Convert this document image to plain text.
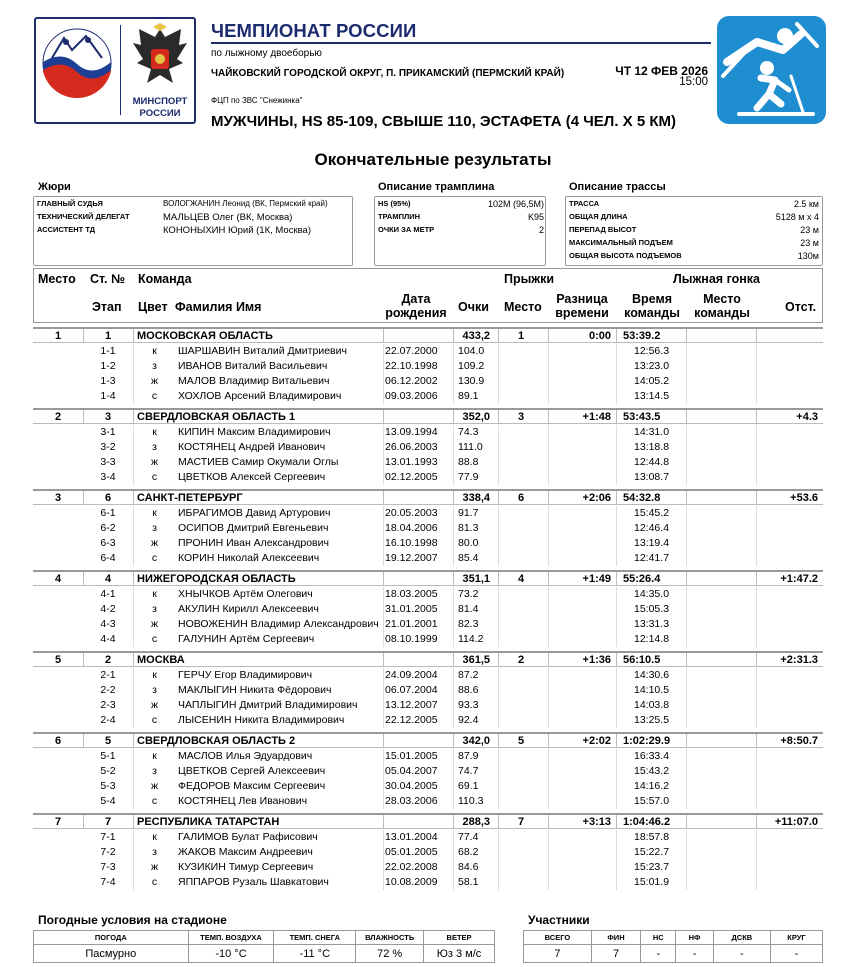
МИНСПОРТ
РОССИИ
ЧЕМПИОНАТ РОССИИ
по лыжному двоеборью
ЧАЙКОВСКИЙ ГОРОДСКОЙ ОКРУГ, П. ПРИКАМСКИЙ (ПЕРМСКИЙ КРАЙ)	ЧТ 12 ФЕВ 2026
15:00
ФЦП по ЗВС "Снежинка"
МУЖЧИНЫ, HS 85-109, СВЫШЕ 110, ЭСТАФЕТА (4 ЧЕЛ. Х 5 КМ)
Окончательные результаты
Жюри
ГЛАВНЫЙ СУДЬЯ	ВОЛОГЖАНИН Леонид (ВК, Пермский край)
ТЕХНИЧЕСКИЙ ДЕЛЕГАТ	МАЛЬЦЕВ Олег (ВК, Москва)
АССИСТЕНТ ТД	КОНОНЫХИН Юрий (1К, Москва)
Описание трамплина
HS (95%)	102M (96,5M)
ТРАМПЛИН	K95
ОЧКИ ЗА МЕТР	2
Описание трассы
ТРАССА	2.5 км
ОБЩАЯ ДЛИНА	5128 м x 4
ПЕРЕПАД ВЫСОТ	23 м
МАКСИМАЛЬНЫЙ ПОДЪЕМ	23 м
ОБЩАЯ ВЫСОТА ПОДЪЕМОВ	130м
Место Ст. № Команда	Прыжки	Лыжная гонка
Этап Цвет Фамилия Имя
Дата
рождения Очки Место
Разница
времени
Время
команды
Место
команды	Отст.
1	1	МОСКОВСКАЯ ОБЛАСТЬ	433,2	1	0:00 53:39.2
1-1	к	ШАРШАВИН Виталий Дмитриевич	22.07.2000	104.0	12:56.3
1-2	з	ИВАНОВ Виталий Васильевич	22.10.1998	109.2	13:23.0
1-3	ж	МАЛОВ Владимир Витальевич	06.12.2002	130.9	14:05.2
1-4	с	ХОХЛОВ Арсений Владимирович	09.03.2006	89.1	13:14.5
2	3	СВЕРДЛОВСКАЯ ОБЛАСТЬ 1	352,0	3	+1:48 53:43.5	+4.3
3-1	к	КИПИН Максим Владимирович	13.09.1994	74.3	14:31.0
3-2	з	КОСТЯНЕЦ Андрей Иванович	26.06.2003	111.0	13:18.8
3-3	ж	МАСТИЕВ Самир Окумали Оглы	13.01.1993	88.8	12:44.8
3-4	с	ЦВЕТКОВ Алексей Сергеевич	02.12.2005	77.9	13:08.7
3	6	САНКТ-ПЕТЕРБУРГ	338,4	6	+2:06 54:32.8	+53.6
6-1	к	ИБРАГИМОВ Давид Артурович	20.05.2003	91.7	15:45.2
6-2	з	ОСИПОВ Дмитрий Евгеньевич	18.04.2006	81.3	12:46.4
6-3	ж	ПРОНИН Иван Александрович	16.10.1998	80.0	13:19.4
6-4	с	КОРИН Николай Алексеевич	19.12.2007	85.4	12:41.7
4	4	НИЖЕГОРОДСКАЯ ОБЛАСТЬ	351,1	4	+1:49 55:26.4	+1:47.2
4-1	к	ХНЫЧКОВ Артём Олегович	18.03.2005	73.2	14:35.0
4-2	з	АКУЛИН Кирилл Алексеевич	31.01.2005	81.4	15:05.3
4-3	ж	НОВОЖЕНИН Владимир Александрович 21.01.2001	82.3	13:31.3
4-4	с	ГАЛУНИН Артём Сергеевич	08.10.1999	114.2	12:14.8
5	2	МОСКВА	361,5	2	+1:36 56:10.5	+2:31.3
2-1	к	ГЕРЧУ Егор Владимирович	24.09.2004	87.2	14:30.6
2-2	з	МАКЛЫГИН Никита Фёдорович	06.07.2004	88.6	14:10.5
2-3	ж	ЧАПЛЫГИН Дмитрий Владимирович	13.12.2007	93.3	14:03.8
2-4	с	ЛЫСЕНИН Никита Владимирович	22.12.2005	92.4	13:25.5
6	5	СВЕРДЛОВСКАЯ ОБЛАСТЬ 2	342,0	5	+2:02 1:02:29.9	+8:50.7
5-1	к	МАСЛОВ Илья Эдуардович	15.01.2005	87.9	16:33.4
5-2	з	ЦВЕТКОВ Сергей Алексеевич	05.04.2007	74.7	15:43.2
5-3	ж	ФЕДОРОВ Максим Сергеевич	30.04.2005	69.1	14:16.2
5-4	с	КОСТЯНЕЦ Лев Иванович	28.03.2006	110.3	15:57.0
7	7	РЕСПУБЛИКА ТАТАРСТАН	288,3	7	+3:13 1:04:46.2	+11:07.0
7-1	к	ГАЛИМОВ Булат Рафисович	13.01.2004	77.4	18:57.8
7-2	з	ЖАКОВ Максим Андреевич	05.01.2005	68.2	15:22.7
7-3	ж	КУЗИКИН Тимур Сергеевич	22.02.2008	84.6	15:23.7
7-4	с	ЯППАРОВ Рузаль Шавкатович	10.08.2009	58.1	15:01.9
Погодные условия на стадионе
ПОГОДА	ТЕМП. ВОЗДУХА	ТЕМП. СНЕГА	ВЛАЖНОСТЬ	ВЕТЕР
Пасмурно	-10 °C	-11 °C	72 %	Юз 3 м/с
Участники
ВСЕГО	ФИН	НС	НФ	ДСКВ	КРУГ
7	7	-	-	-	-
